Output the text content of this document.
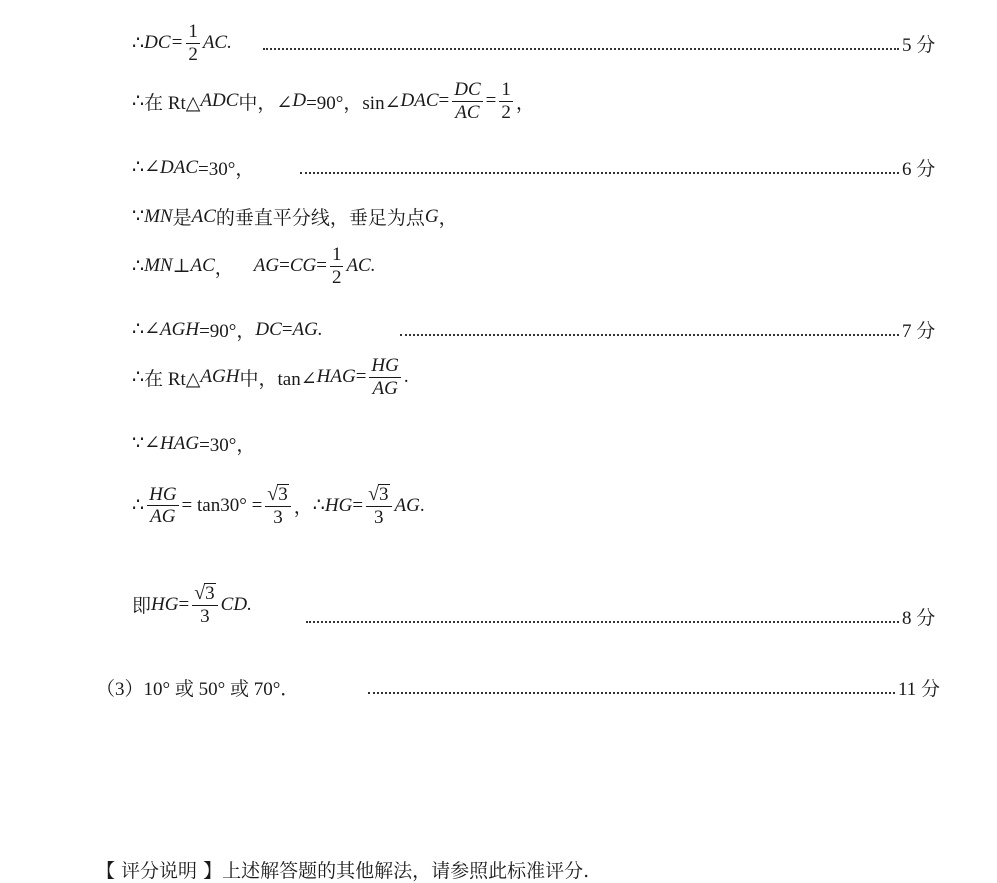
∴ $DC= \frac{1}{2}$ AC.	5 分
∴ 在 Rt△ ADC 中，∠ D =90°，sin∠ DAC = $\frac{DC}{AC} = \frac{1}{2}$ ，
∴ ∠ DAC =30°，	6 分
∵ MN 是 AC 的垂直平分线，垂足为点 G ，
∴ MN ⊥ AC ， AG = CG = $\frac{1}{2}$ AC.
∴ ∠ AGH =90°， DC = AG.	7 分
∴ 在 Rt△ AGH 中，tan∠ HAG = $\frac{HG}{AG}$ .
∵ ∠ HAG =30°，
∴ $\frac{HG}{AG} = \tan 30^\circ = \frac{√ 3}{3}$ ， ∴ HG = $\frac{√ 3}{3}$ AG .
即 HG = $\frac{√ 3}{3}$ CD.
8 分
（3）10° 或 50° 或 70°．	11 分
【 评分说明 】上述解答题的其他解法，请参照此标准评分.
